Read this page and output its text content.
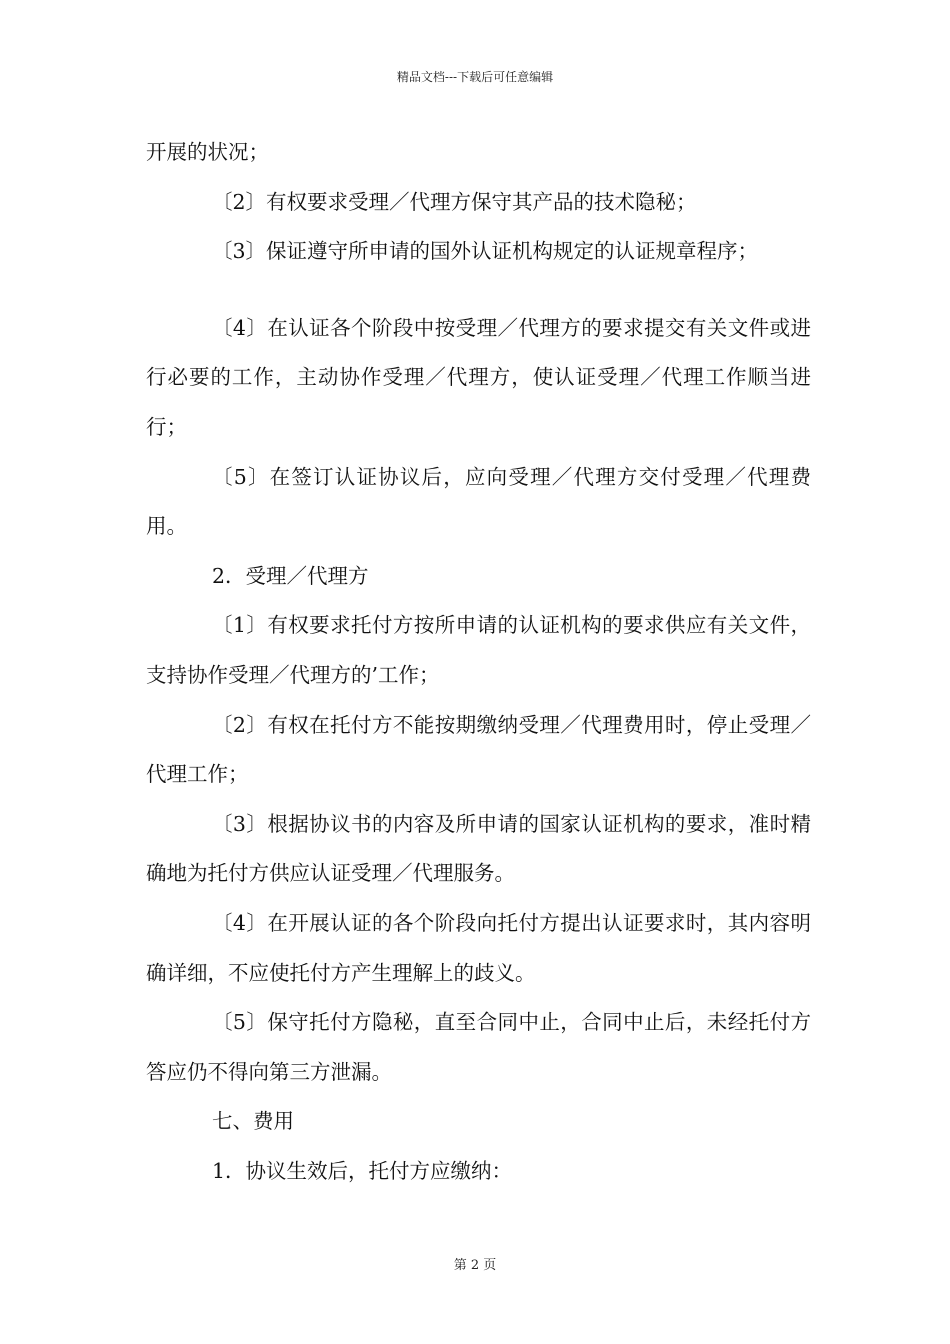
精品文档---下载后可任意编辑

开展的状况；

〔2〕有权要求受理／代理方保守其产品的技术隐秘；

〔3〕保证遵守所申请的国外认证机构规定的认证规章程序；

〔4〕在认证各个阶段中按受理／代理方的要求提交有关文件或进行必要的工作，主动协作受理／代理方，使认证受理／代理工作顺当进行；

〔5〕在签订认证协议后，应向受理／代理方交付受理／代理费用。

2．受理／代理方

〔1〕有权要求托付方按所申请的认证机构的要求供应有关文件，支持协作受理／代理方的’工作；

〔2〕有权在托付方不能按期缴纳受理／代理费用时，停止受理／代理工作；

〔3〕根据协议书的内容及所申请的国家认证机构的要求，准时精确地为托付方供应认证受理／代理服务。

〔4〕在开展认证的各个阶段向托付方提出认证要求时，其内容明确详细，不应使托付方产生理解上的歧义。

〔5〕保守托付方隐秘，直至合同中止，合同中止后，未经托付方答应仍不得向第三方泄漏。

七、费用

1．协议生效后，托付方应缴纳：

第 2 页
